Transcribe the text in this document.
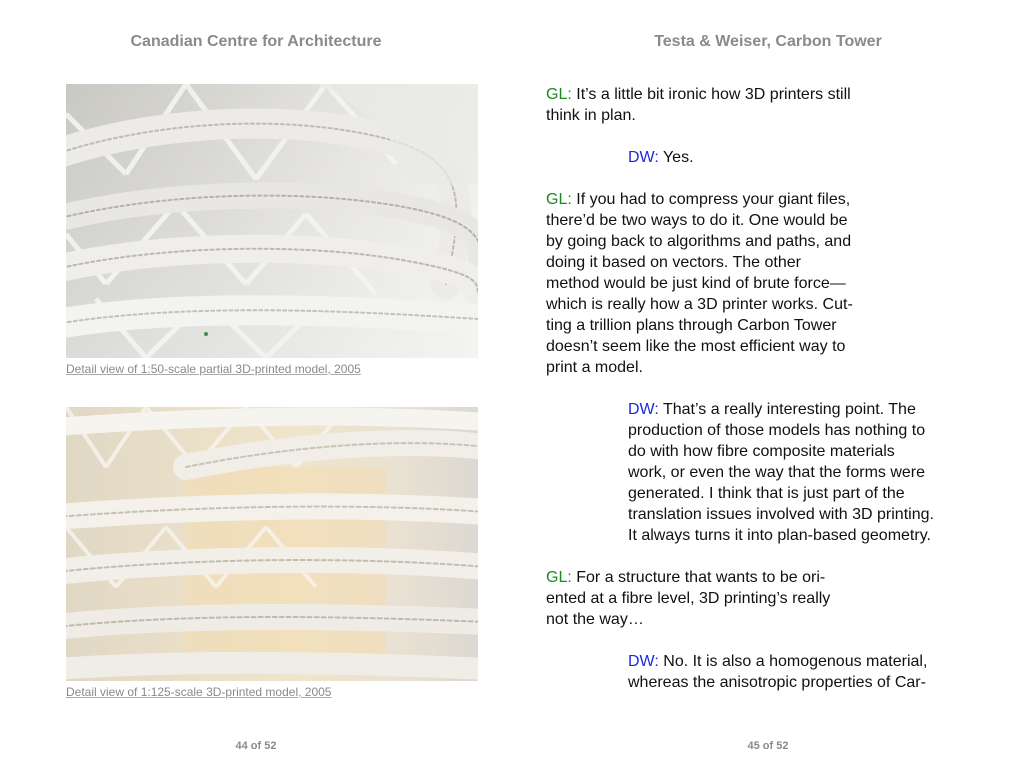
Canadian Centre for Architecture
Detail view of 1:50-scale partial 3D-printed model, 2005
Detail view of 1:125-scale 3D-printed model, 2005
44 of 52
Testa & Weiser, Carbon Tower
GL: It’s a little bit ironic how 3D printers still
think in plan.
DW: Yes.
GL: If you had to compress your giant files,
there’d be two ways to do it. One would be
by going back to algorithms and paths, and
doing it based on vectors. The other
method would be just kind of brute force—
which is really how a 3D printer works. Cut-
ting a trillion plans through Carbon Tower
doesn’t seem like the most efficient way to
print a model.
DW: That’s a really interesting point. The
production of those models has nothing to
do with how fibre composite materials
work, or even the way that the forms were
generated. I think that is just part of the
translation issues involved with 3D printing.
It always turns it into plan-based geometry.
GL: For a structure that wants to be ori-
ented at a fibre level, 3D printing’s really
not the way…
DW: No. It is also a homogenous material,
whereas the anisotropic properties of Car-
45 of 52
